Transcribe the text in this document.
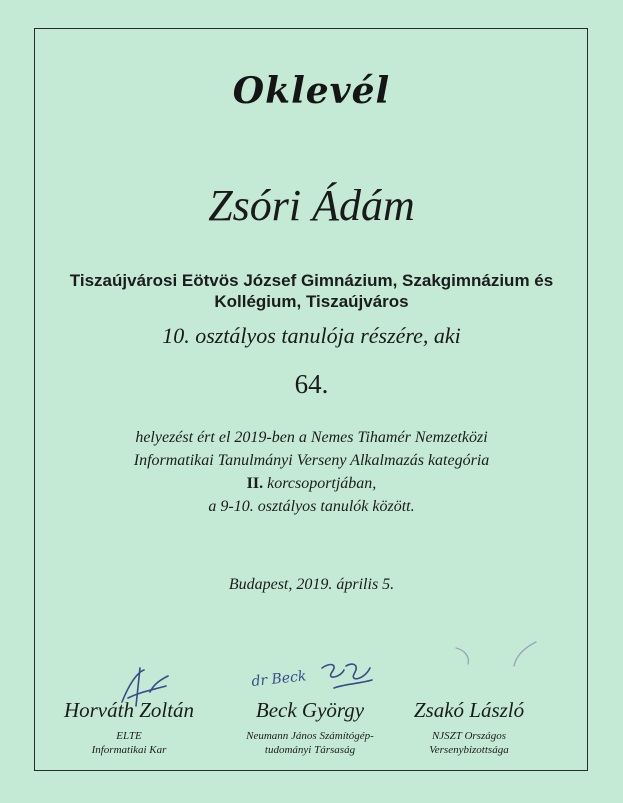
Oklevél
Zsóri Ádám
Tiszaújvárosi Eötvös József Gimnázium, Szakgimnázium és
Kollégium, Tiszaújváros
10. osztályos tanulója részére, aki
64.
helyezést ért el 2019-ben a Nemes Tihamér Nemzetközi
Informatikai Tanulmányi Verseny Alkalmazás kategória
II. korcsoportjában,
a 9-10. osztályos tanulók között.
Budapest, 2019. április 5.
dr Beck
Horváth Zoltán
ELTE
Informatikai Kar
Beck György
Neumann János Számítógép-
tudományi Társaság
Zsakó László
NJSZT Országos
Versenybizottsága
